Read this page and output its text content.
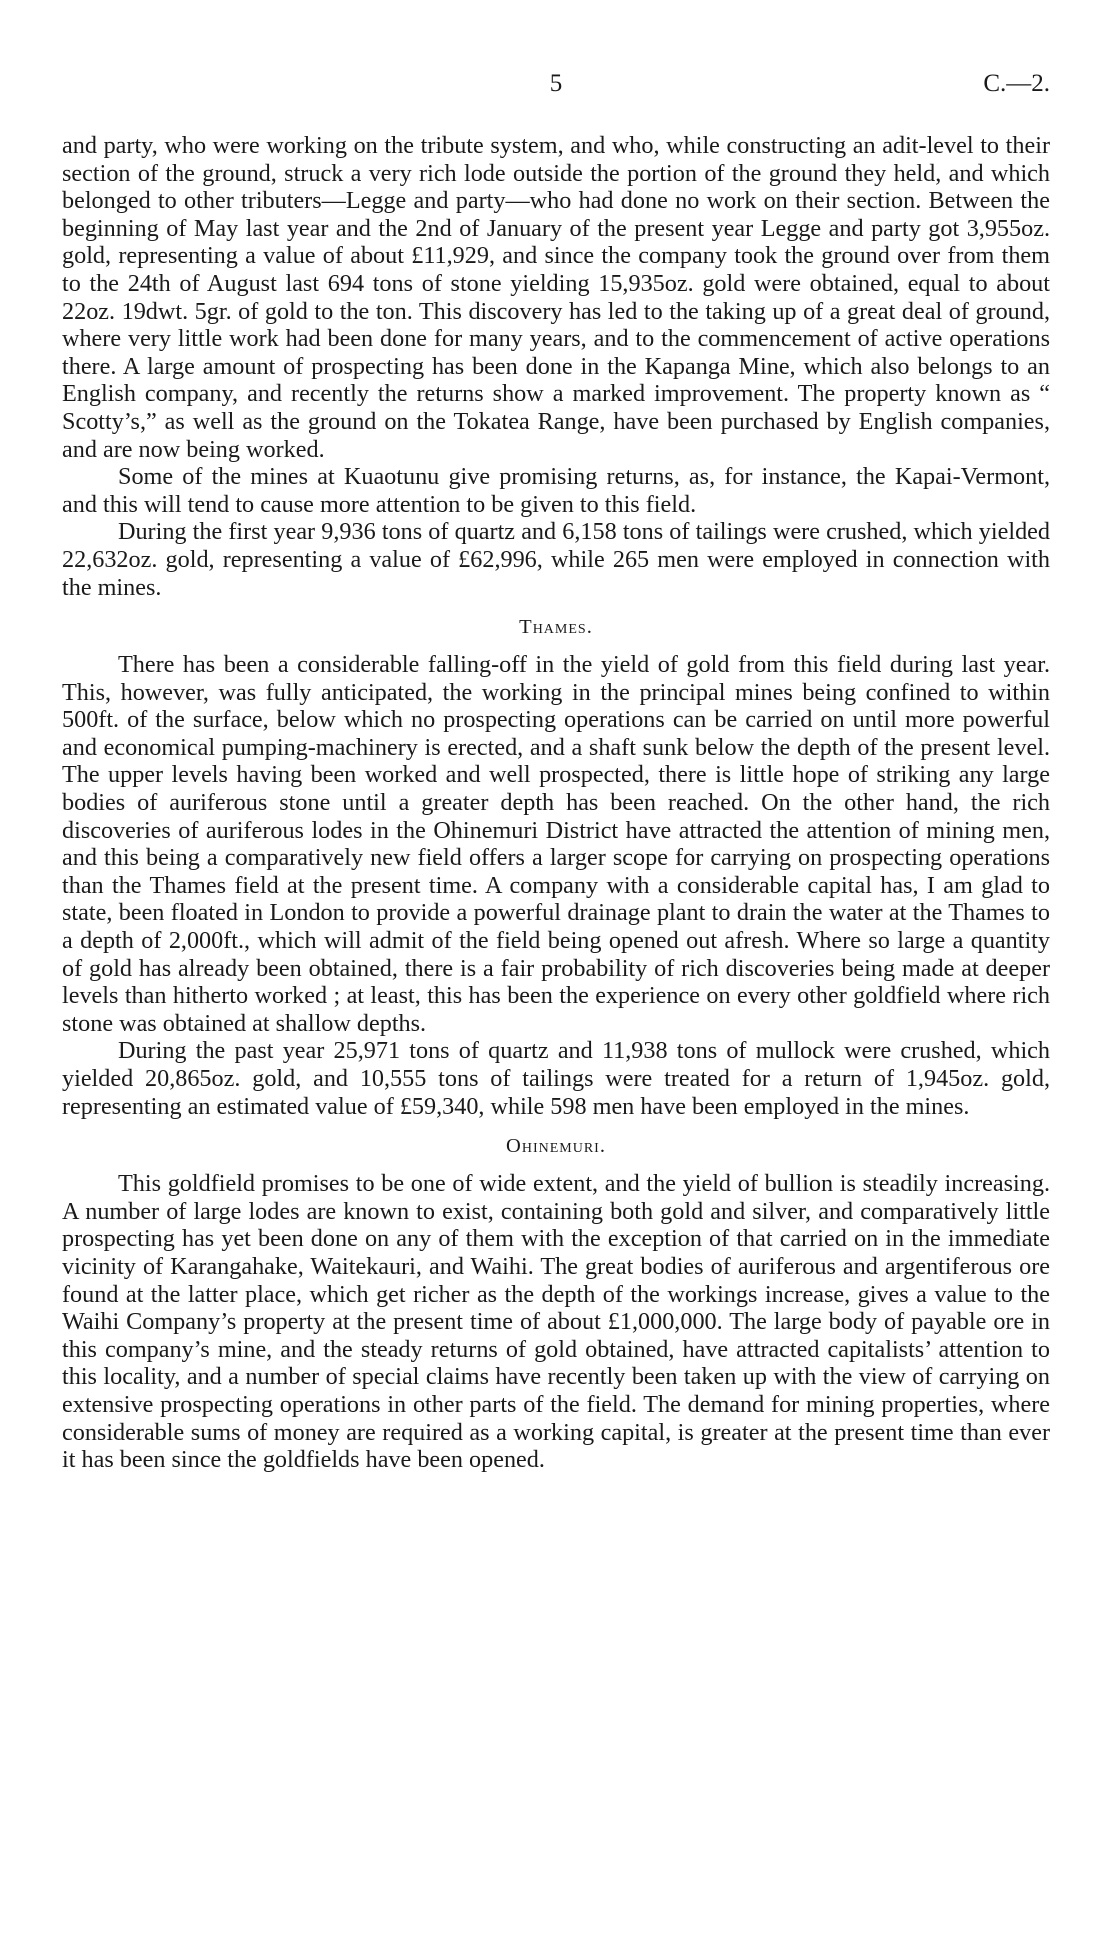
5	C.—2.

and party, who were working on the tribute system, and who, while constructing an adit-level to their section of the ground, struck a very rich lode outside the portion of the ground they held, and which belonged to other tributers—Legge and party—who had done no work on their section. Between the beginning of May last year and the 2nd of January of the present year Legge and party got 3,955oz. gold, representing a value of about £11,929, and since the company took the ground over from them to the 24th of August last 694 tons of stone yielding 15,935oz. gold were obtained, equal to about 22oz. 19dwt. 5gr. of gold to the ton. This discovery has led to the taking up of a great deal of ground, where very little work had been done for many years, and to the commencement of active operations there. A large amount of prospecting has been done in the Kapanga Mine, which also belongs to an English company, and recently the returns show a marked improvement. The property known as “ Scotty’s,” as well as the ground on the Tokatea Range, have been purchased by English companies, and are now being worked.

Some of the mines at Kuaotunu give promising returns, as, for instance, the Kapai-Vermont, and this will tend to cause more attention to be given to this field.

During the first year 9,936 tons of quartz and 6,158 tons of tailings were crushed, which yielded 22,632oz. gold, representing a value of £62,996, while 265 men were employed in connection with the mines.

Thames.

There has been a considerable falling-off in the yield of gold from this field during last year. This, however, was fully anticipated, the working in the principal mines being confined to within 500ft. of the surface, below which no prospecting operations can be carried on until more powerful and economical pumping-machinery is erected, and a shaft sunk below the depth of the present level. The upper levels having been worked and well prospected, there is little hope of striking any large bodies of auriferous stone until a greater depth has been reached. On the other hand, the rich discoveries of auriferous lodes in the Ohinemuri District have attracted the attention of mining men, and this being a comparatively new field offers a larger scope for carrying on prospecting operations than the Thames field at the present time. A company with a considerable capital has, I am glad to state, been floated in London to provide a powerful drainage plant to drain the water at the Thames to a depth of 2,000ft., which will admit of the field being opened out afresh. Where so large a quantity of gold has already been obtained, there is a fair probability of rich discoveries being made at deeper levels than hitherto worked ; at least, this has been the experience on every other goldfield where rich stone was obtained at shallow depths.

During the past year 25,971 tons of quartz and 11,938 tons of mullock were crushed, which yielded 20,865oz. gold, and 10,555 tons of tailings were treated for a return of 1,945oz. gold, representing an estimated value of £59,340, while 598 men have been employed in the mines.

Ohinemuri.

This goldfield promises to be one of wide extent, and the yield of bullion is steadily increasing. A number of large lodes are known to exist, containing both gold and silver, and comparatively little prospecting has yet been done on any of them with the exception of that carried on in the immediate vicinity of Karangahake, Waitekauri, and Waihi. The great bodies of auriferous and argentiferous ore found at the latter place, which get richer as the depth of the workings increase, gives a value to the Waihi Company’s property at the present time of about £1,000,000. The large body of payable ore in this company’s mine, and the steady returns of gold obtained, have attracted capitalists’ attention to this locality, and a number of special claims have recently been taken up with the view of carrying on extensive prospecting operations in other parts of the field. The demand for mining properties, where considerable sums of money are required as a working capital, is greater at the present time than ever it has been since the goldfields have been opened.
